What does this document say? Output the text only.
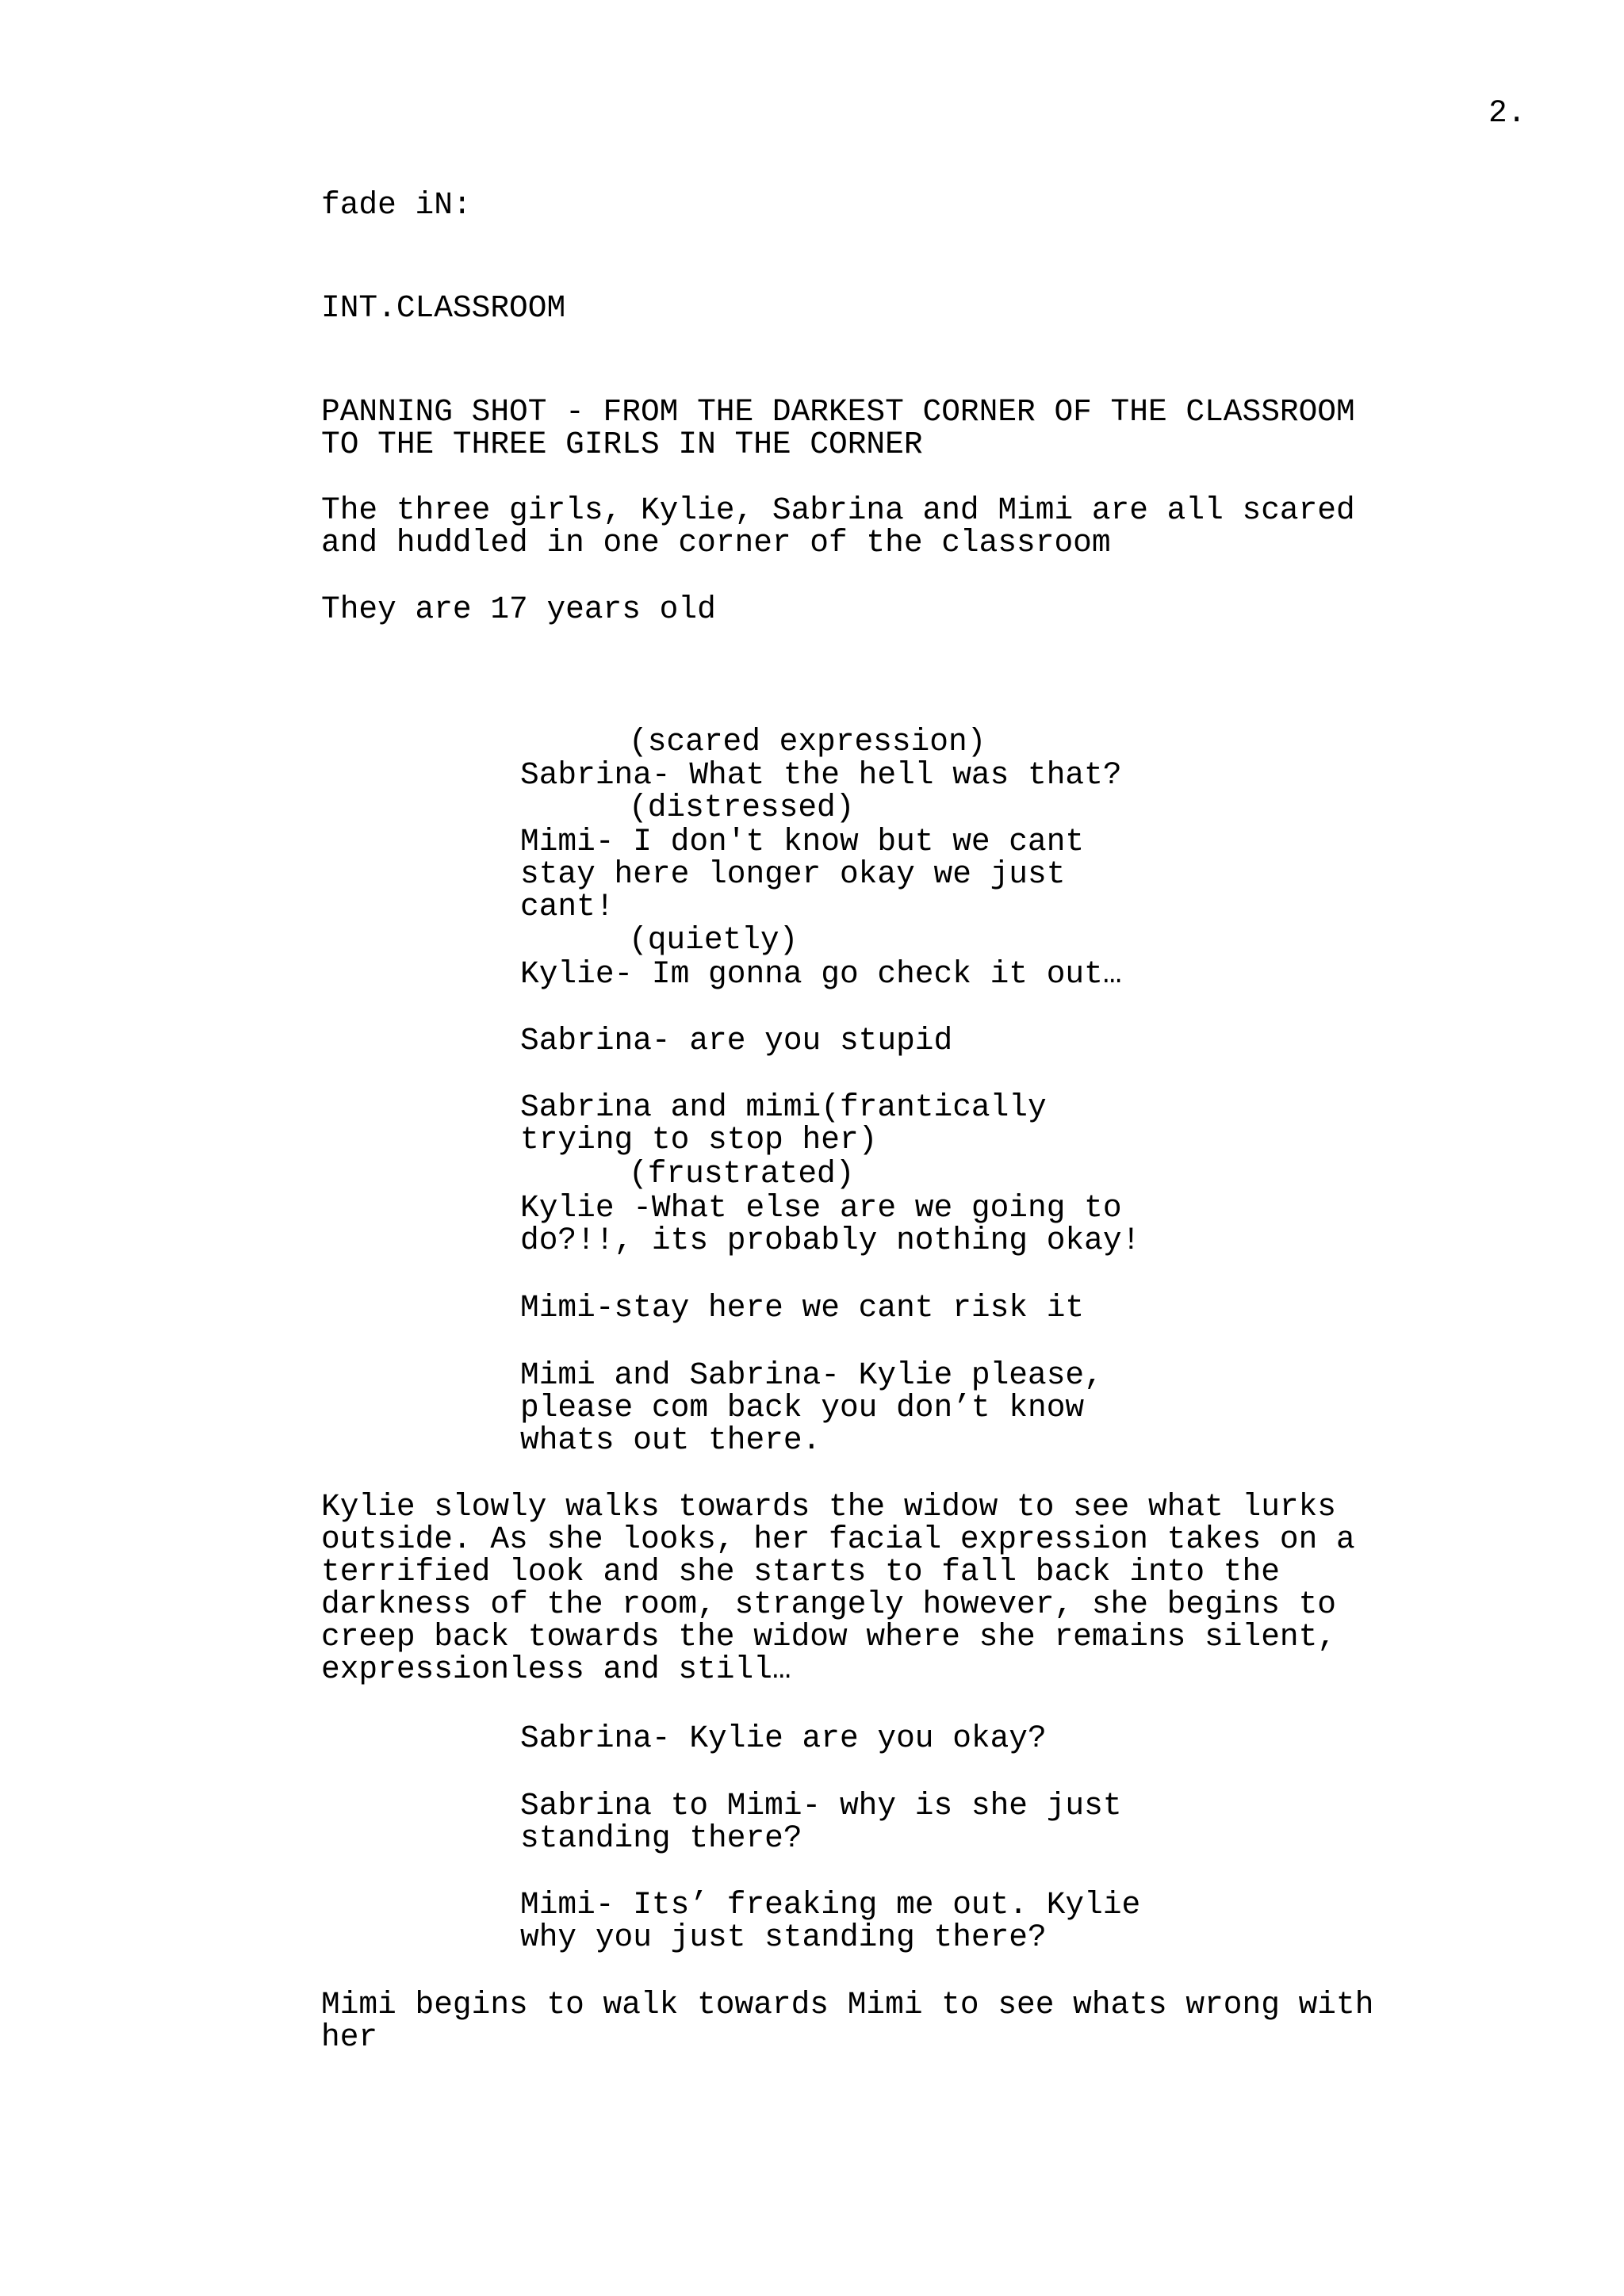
2.
fade iN:
INT.CLASSROOM
PANNING SHOT - FROM THE DARKEST CORNER OF THE CLASSROOM
TO THE THREE GIRLS IN THE CORNER
The three girls, Kylie, Sabrina and Mimi are all scared
and huddled in one corner of the classroom
They are 17 years old
(scared expression)
Sabrina- What the hell was that?
(distressed)
Mimi- I don't know but we cant
stay here longer okay we just
cant!
(quietly)
Kylie- Im gonna go check it out…
Sabrina- are you stupid
Sabrina and mimi(frantically
trying to stop her)
(frustrated)
Kylie -What else are we going to
do?!!, its probably nothing okay!
Mimi-stay here we cant risk it
Mimi and Sabrina- Kylie please,
please com back you don’t know
whats out there.
Kylie slowly walks towards the widow to see what lurks
outside. As she looks, her facial expression takes on a
terrified look and she starts to fall back into the
darkness of the room, strangely however, she begins to
creep back towards the widow where she remains silent,
expressionless and still…
Sabrina- Kylie are you okay?
Sabrina to Mimi- why is she just
standing there?
Mimi- Its’ freaking me out. Kylie
why you just standing there?
Mimi begins to walk towards Mimi to see whats wrong with
her
